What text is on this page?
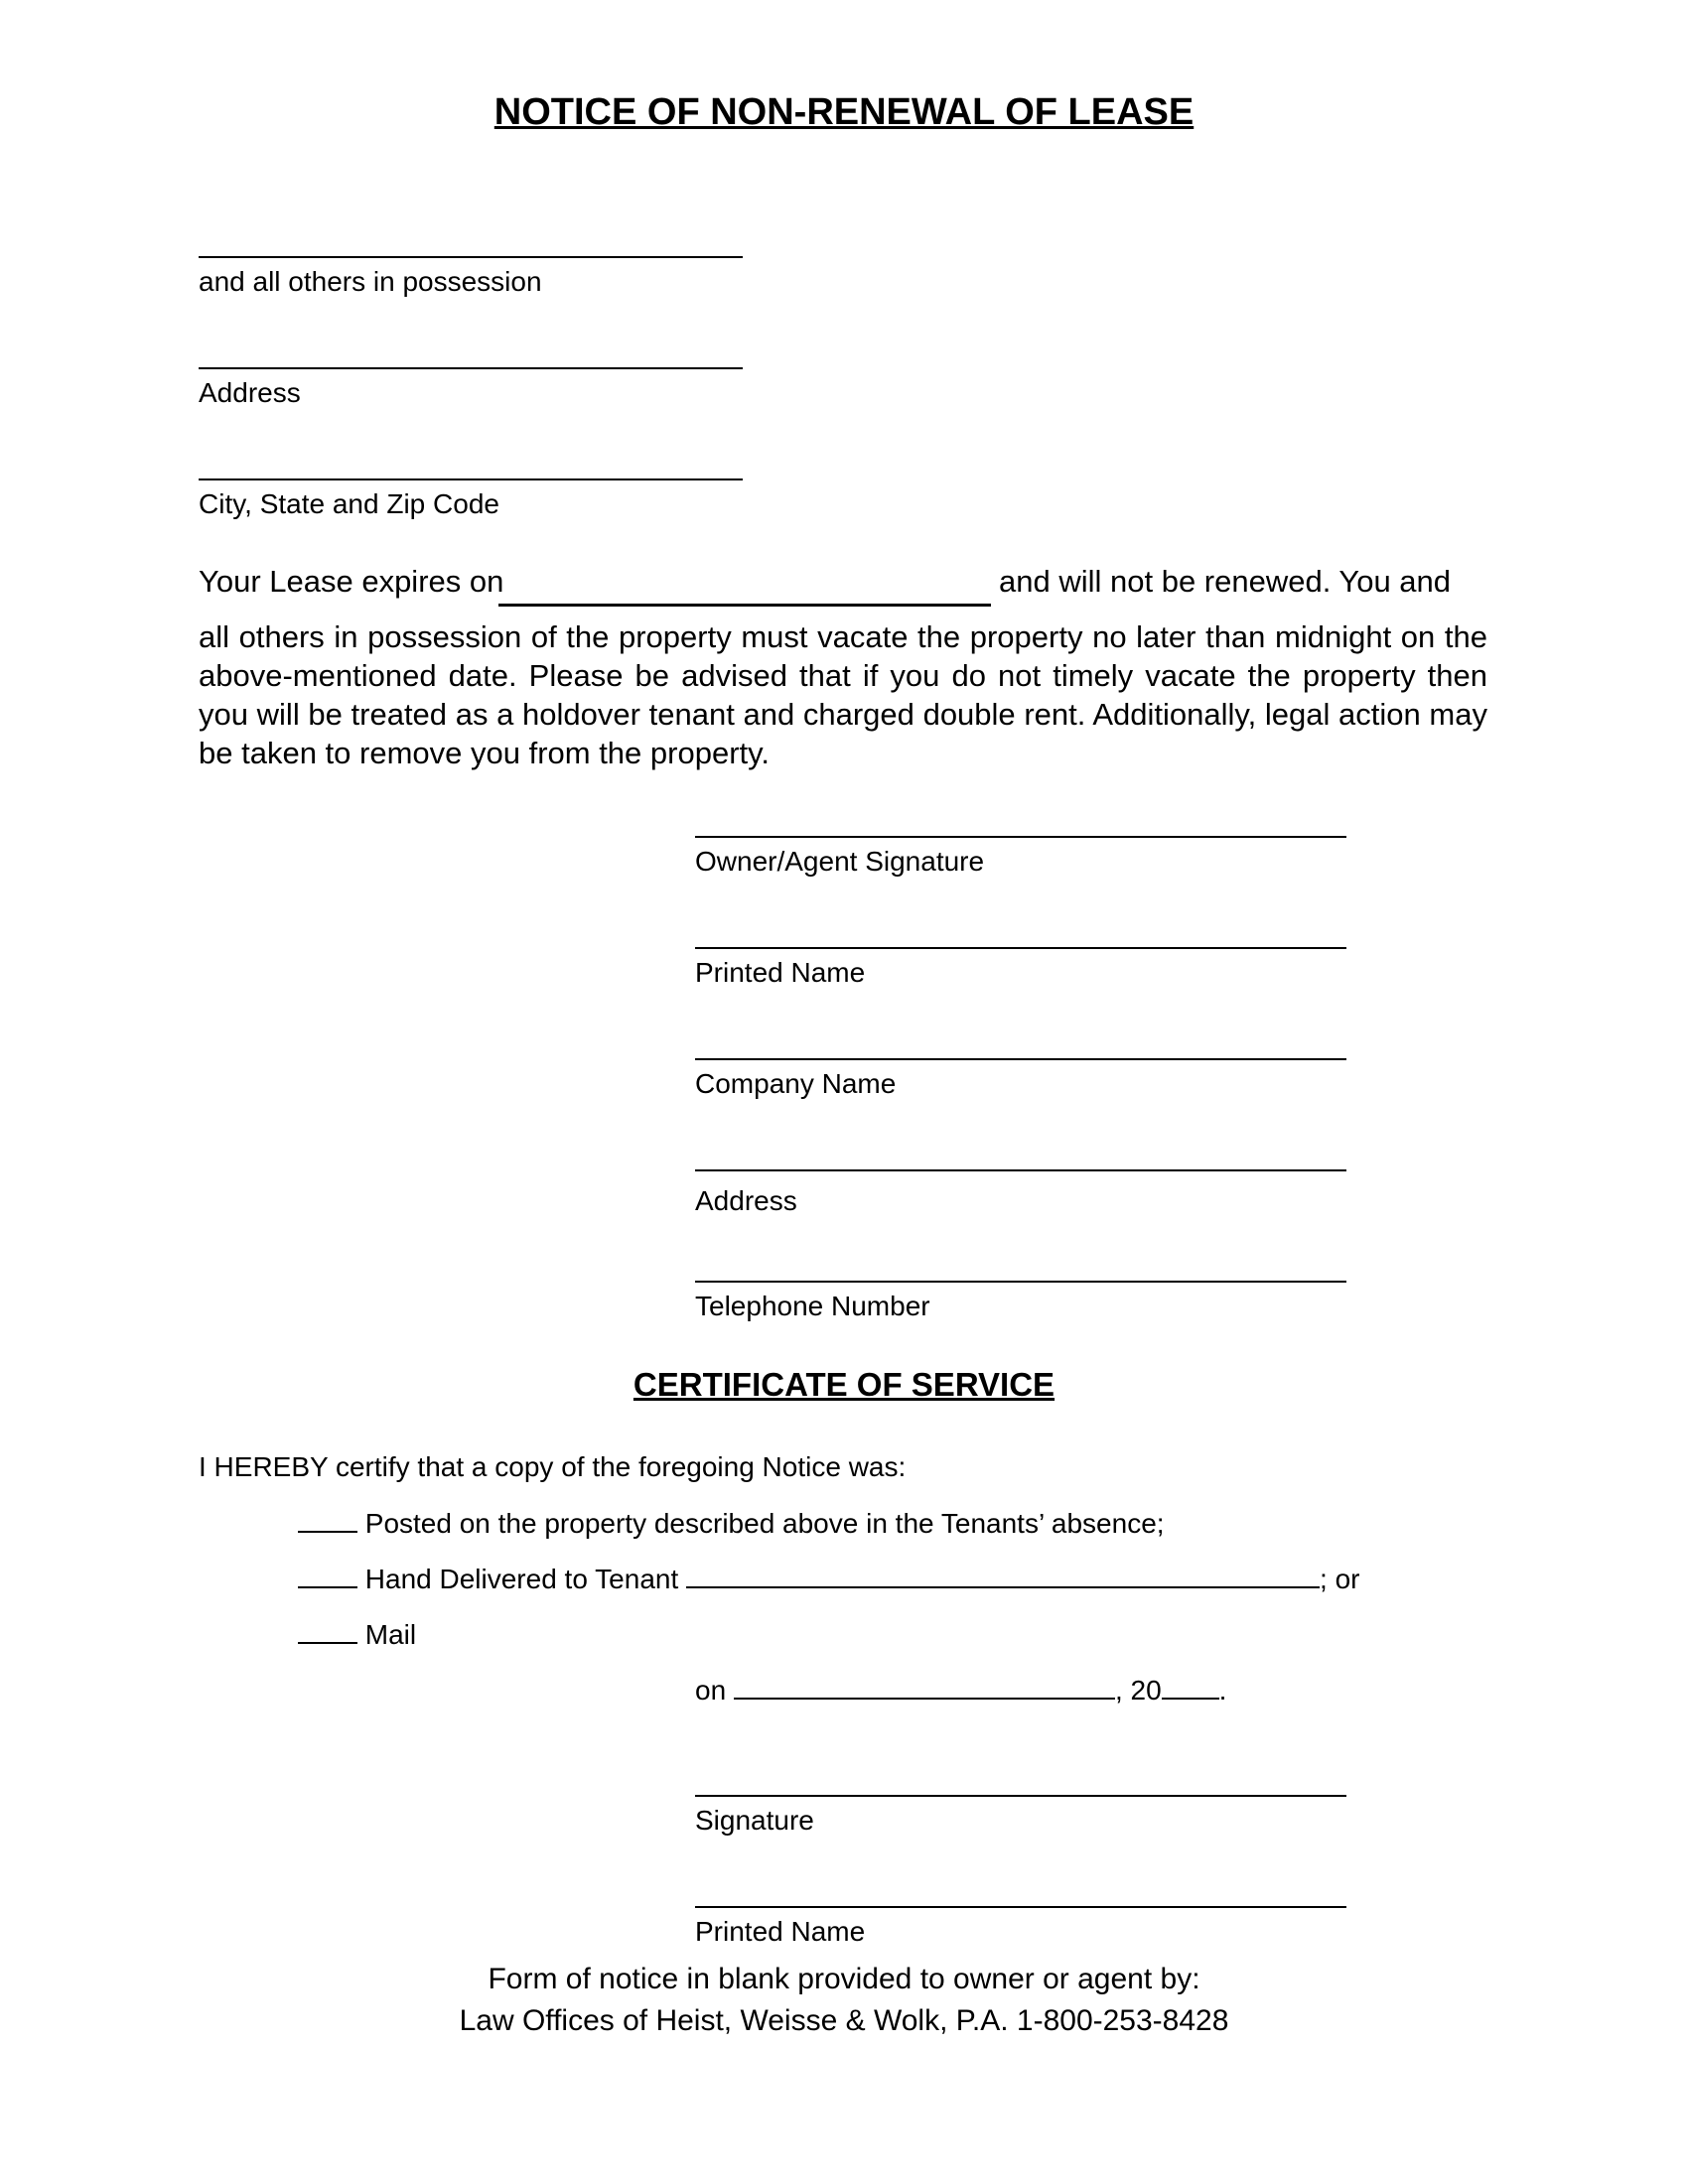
NOTICE OF NON-RENEWAL OF LEASE
and all others in possession
Address
City, State and Zip Code
Your Lease expires on	and will not be renewed. You and
all others in possession of the property must vacate the property no later than midnight on the above-mentioned date. Please be advised that if you do not timely vacate the property then you will be treated as a holdover tenant and charged double rent. Additionally, legal action may be taken to remove you from the property.
Owner/Agent Signature
Printed Name
Company Name
Address
Telephone Number
CERTIFICATE OF SERVICE
I HEREBY certify that a copy of the foregoing Notice was:
Posted on the property described above in the Tenants’ absence;
Hand Delivered to Tenant	; or
Mail
on	, 20 .
Signature
Printed Name
Form of notice in blank provided to owner or agent by:
Law Offices of Heist, Weisse & Wolk, P.A. 1-800-253-8428
